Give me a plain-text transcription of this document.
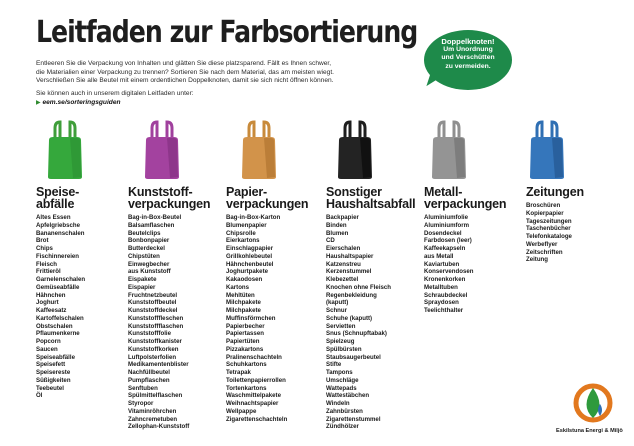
Leitfaden zur Farbsortierung

Entleeren Sie die Verpackung von Inhalten und glätten Sie diese platzsparend. Fällt es Ihnen schwer,
die Materialien einer Verpackung zu trennen? Sortieren Sie nach dem Material, das am meisten wiegt.
Verschließen Sie alle Beutel mit einem ordentlichen Doppelknoten, damit sie sich nicht öffnen können.

Sie können auch in unserem digitalen Leitfaden unter:
▶ eem.se/sorteringsguiden

Doppelknoten!
Um Unordnung
und Verschütten
zu vermeiden.
Speise-
abfälle
Altes Essen
Apfelgriebsche
Bananenschalen
Brot
Chips
Fischinnereien
Fleisch
Frittieröl
Garnelenschalen
Gemüseabfälle
Hähnchen
Joghurt
Kaffeesatz
Kartoffelschalen
Obstschalen
Pflaumenkerne
Popcorn
Saucen
Speiseabfälle
Speisefett
Speisereste
Süßigkeiten
Teebeutel
Öl
Kunststoff-
verpackungen
Bag-in-Box-Beutel
Balsamflaschen
Beutelclips
Bonbonpapier
Butterdeckel
Chipstüten
Einwegbecher
aus Kunststoff
Eispakete
Eispapier
Fruchtnetzbeutel
Kunststoffbeutel
Kunststoffdeckel
Kunststofffleschen
Kunststoffflaschen
Kunststofffolie
Kunststoffkanister
Kunststoffkorken
Luftpolsterfolien
Medikamentenblister
Nachfüllbeutel
Pumpflaschen
Senftuben
Spülmittelflaschen
Styropor
Vitaminröhrchen
Zahncremetuben
Zellophan-Kunststoff
Papier-
verpackungen
Bag-in-Box-Karton
Blumenpapier
Chipsrolle
Eierkartons
Einschlagpapier
Grillkohlebeutel
Hähnchenbeutel
Joghurtpakete
Kakaodosen
Kartons
Mehltüten
Milchpakete
Milchpakete
Muffinsförmchen
Papierbecher
Papiertassen
Papiertüten
Pizzakartons
Pralinenschachteln
Schuhkartons
Tetrapak
Toilettenpapierrollen
Tortenkartons
Waschmittelpakete
Weihnachtspapier
Wellpappe
Zigarettenschachteln
Sonstiger
Haushaltsabfall
Backpapier
Binden
Blumen
CD
Eierschalen
Haushaltspapier
Katzenstreu
Kerzenstummel
Klebezettel
Knochen ohne Fleisch
Regenbekleidung
(kaputt)
Schnur
Schuhe (kaputt)
Servietten
Snus (Schnupftabak)
Spielzeug
Spülbürsten
Staubsaugerbeutel
Stifte
Tampons
Umschläge
Wattepads
Wattestäbchen
Windeln
Zahnbürsten
Zigarettenstummel
Zündhölzer
Metall-
verpackungen
Aluminiumfolie
Aluminiumform
Dosendeckel
Farbdosen (leer)
Kaffeekapseln
aus Metall
Kaviartuben
Konservendosen
Kronenkorken
Metalltuben
Schraubdeckel
Spraydosen
Teelichthalter
Zeitungen
Broschüren
Kopierpapier
Tageszeitungen
Taschenbücher
Telefonkataloge
Werbeflyer
Zeitschriften
Zeitung
Eskilstuna Energi & Miljö
